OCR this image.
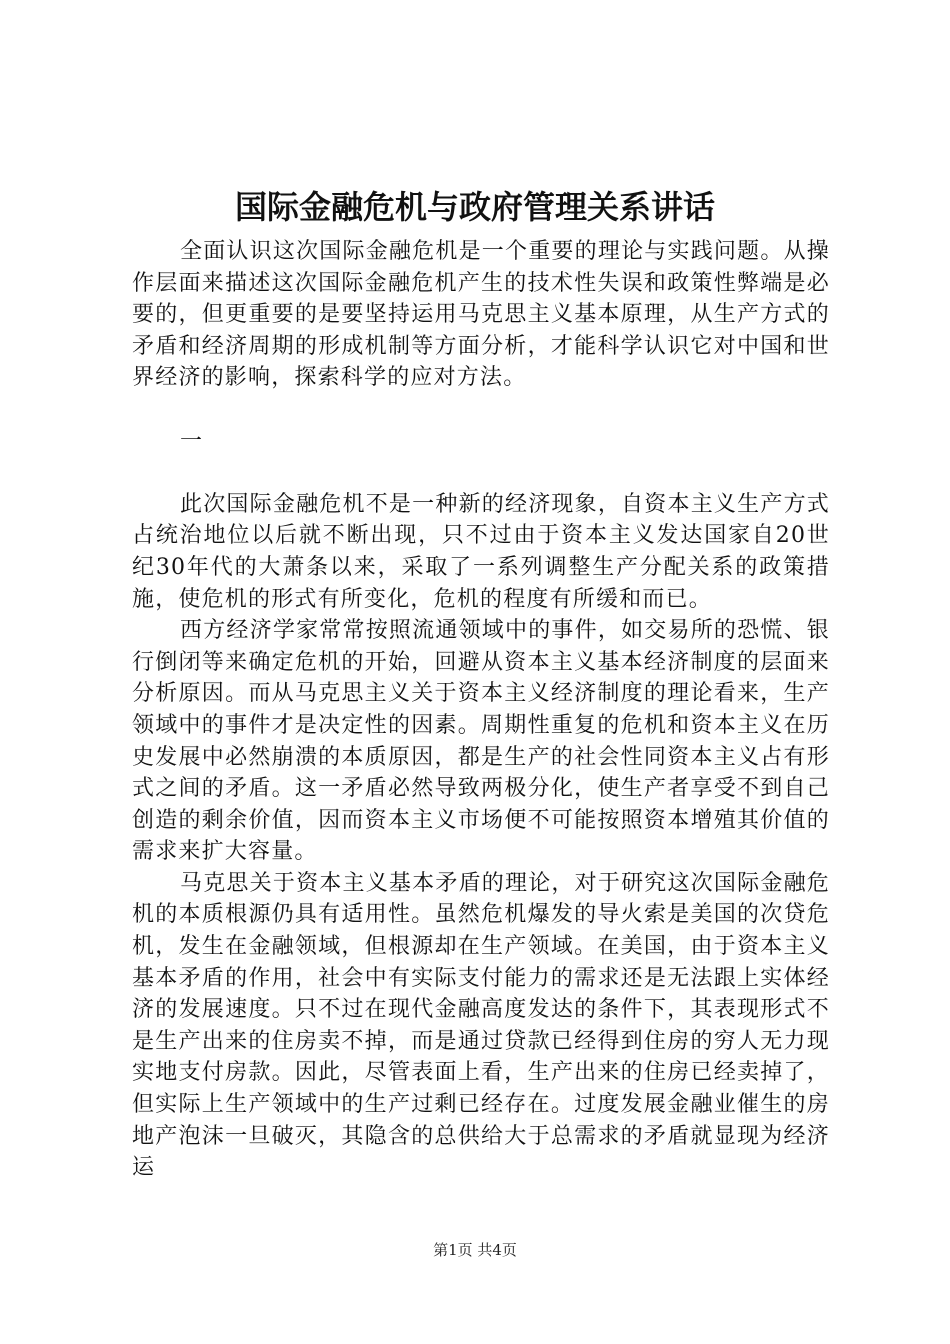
国际金融危机与政府管理关系讲话

全面认识这次国际金融危机是一个重要的理论与实践问题。从操作层面来描述这次国际金融危机产生的技术性失误和政策性弊端是必要的，但更重要的是要坚持运用马克思主义基本原理，从生产方式的矛盾和经济周期的形成机制等方面分析，才能科学认识它对中国和世界经济的影响，探索科学的应对方法。

一

此次国际金融危机不是一种新的经济现象，自资本主义生产方式占统治地位以后就不断出现，只不过由于资本主义发达国家自20世纪30年代的大萧条以来，采取了一系列调整生产分配关系的政策措施，使危机的形式有所变化，危机的程度有所缓和而已。

西方经济学家常常按照流通领域中的事件，如交易所的恐慌、银行倒闭等来确定危机的开始，回避从资本主义基本经济制度的层面来分析原因。而从马克思主义关于资本主义经济制度的理论看来，生产领域中的事件才是决定性的因素。周期性重复的危机和资本主义在历史发展中必然崩溃的本质原因，都是生产的社会性同资本主义占有形式之间的矛盾。这一矛盾必然导致两极分化，使生产者享受不到自己创造的剩余价值，因而资本主义市场便不可能按照资本增殖其价值的需求来扩大容量。

马克思关于资本主义基本矛盾的理论，对于研究这次国际金融危机的本质根源仍具有适用性。虽然危机爆发的导火索是美国的次贷危机，发生在金融领域，但根源却在生产领域。在美国，由于资本主义基本矛盾的作用，社会中有实际支付能力的需求还是无法跟上实体经济的发展速度。只不过在现代金融高度发达的条件下，其表现形式不是生产出来的住房卖不掉，而是通过贷款已经得到住房的穷人无力现实地支付房款。因此，尽管表面上看，生产出来的住房已经卖掉了，但实际上生产领域中的生产过剩已经存在。过度发展金融业催生的房地产泡沫一旦破灭，其隐含的总供给大于总需求的矛盾就显现为经济运

第1页 共4页
